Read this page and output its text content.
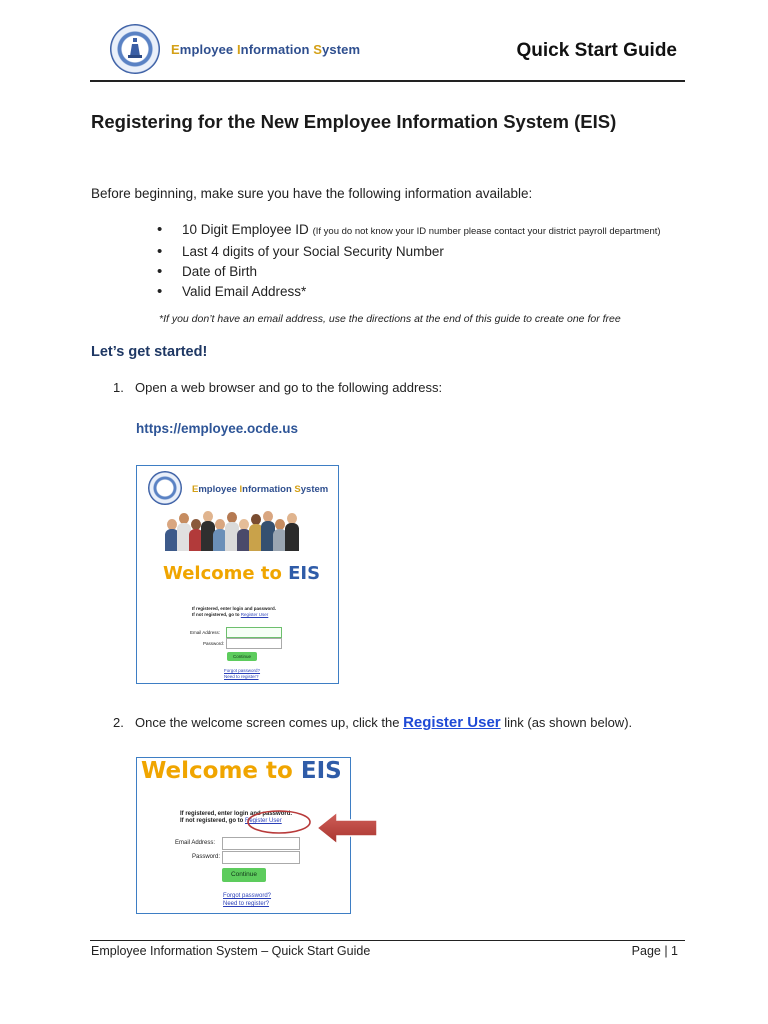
Employee Information System	Quick Start Guide
Registering for the New Employee Information System (EIS)
Before beginning, make sure you have the following information available:
• 10 Digit Employee ID (If you do not know your ID number please contact your district payroll department)
• Last 4 digits of your Social Security Number
• Date of Birth
• Valid Email Address*
*If you don’t have an email address, use the directions at the end of this guide to create one for free
Let’s get started!
1. Open a web browser and go to the following address:
https://employee.ocde.us
Employee Information System
Welcome to EIS
If registered, enter login and password.
If not registered, go to Register User
Email Address:
Password:
Continue
Forgot password?
Need to register?
2. Once the welcome screen comes up, click the Register User link (as shown below).
Welcome to EIS
If registered, enter login and password.
If not registered, go to Register User
Email Address:
Password:
Continue
Forgot password?
Need to register?
Employee Information System – Quick Start Guide	Page | 1
